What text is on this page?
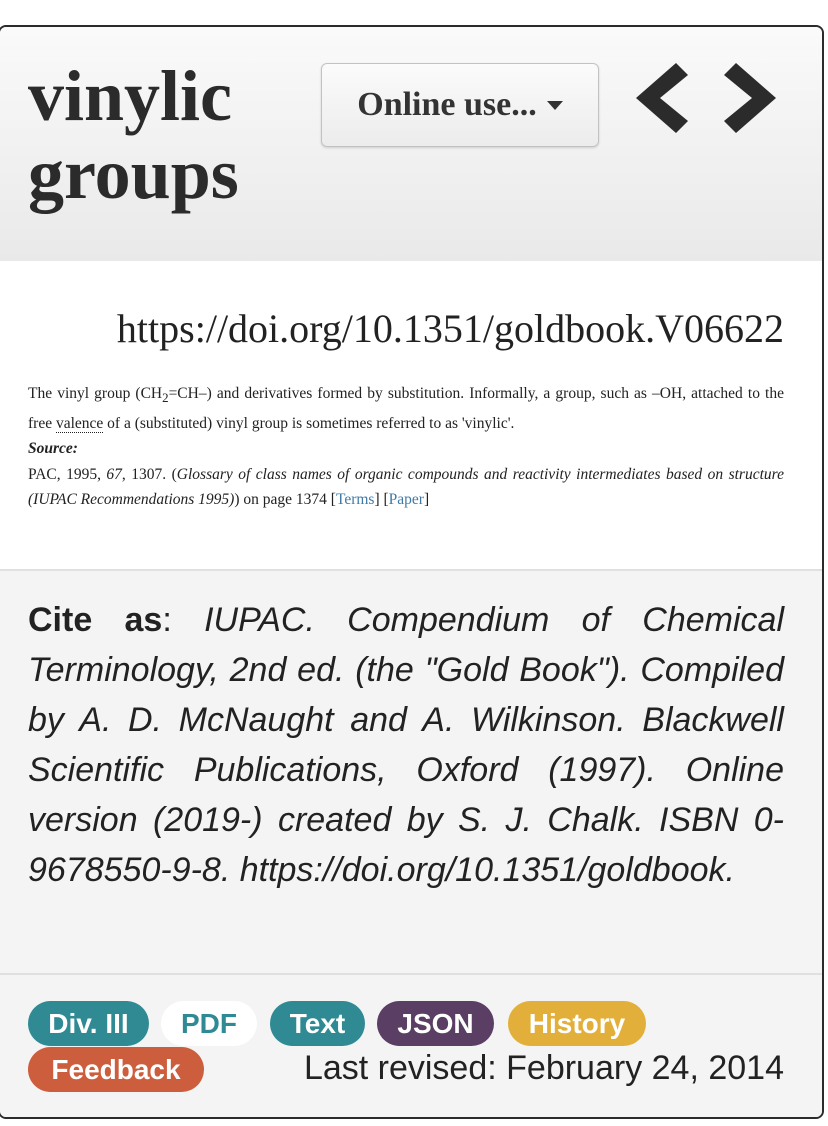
vinylic groups
Online use...
https://doi.org/10.1351/goldbook.V06622
The vinyl group $(CH_2=CH-)$ and derivatives formed by substitution. Informally, a group, such as –OH, attached to the free valence of a (substituted) vinyl group is sometimes referred to as 'vinylic'.
Source:
PAC, 1995, 67, 1307. (Glossary of class names of organic compounds and reactivity intermediates based on structure (IUPAC Recommendations 1995)) on page 1374 [Terms] [Paper]
Cite as: IUPAC. Compendium of Chemical Terminology, 2nd ed. (the "Gold Book"). Compiled by A. D. McNaught and A. Wilkinson. Blackwell Scientific Publications, Oxford (1997). Online version (2019-) created by S. J. Chalk. ISBN 0-9678550-9-8. https://doi.org/10.1351/goldbook.
Div. III	PDF	Text	JSON	History
Feedback	Last revised: February 24, 2014
